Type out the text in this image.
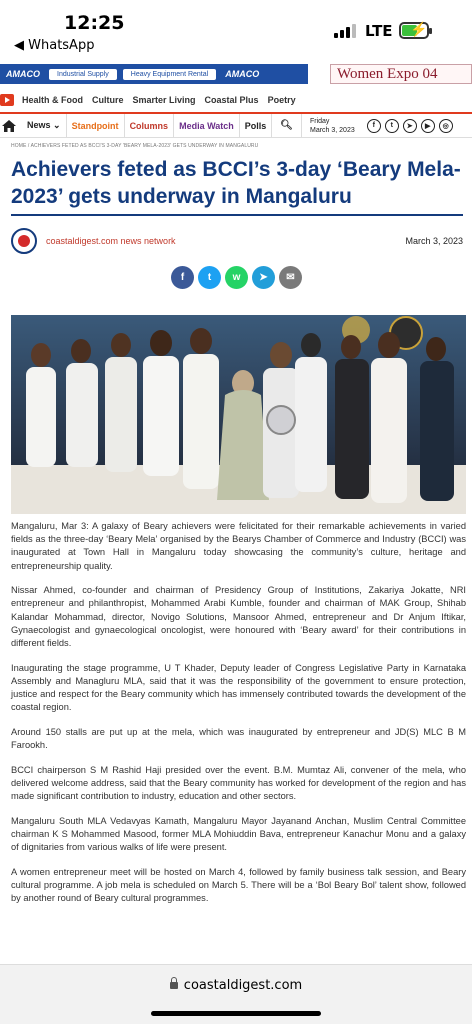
12:25
◀ WhatsApp
LTE ⚡
AMACO	Industrial Supply	Heavy Equipment Rental	AMACO	Women Expo 04
Health & Food Culture Smarter Living Coastal Plus Poetry
News ⌄	Standpoint	Columns	Media Watch	Polls	🔍︎	Friday
March 3, 2023
f	t	➤	▶	◎
HOME / ACHIEVERS FETED AS BCCI'S 3-DAY 'BEARY MELA-2023' GETS UNDERWAY IN MANGALURU
Achievers feted as BCCI’s 3-day ‘Beary Mela-2023’ gets underway in Mangaluru
coastaldigest.com news network	March 3, 2023
f	t	w	➤	✉

Mangaluru, Mar 3: A galaxy of Beary achievers were felicitated for their remarkable achievements in varied fields as the three-day ‘Beary Mela’ organised by the Bearys Chamber of Commerce and Industry (BCCI) was inaugurated at Town Hall in Mangaluru today showcasing the community’s culture, heritage and entrepreneurship quality.

Nissar Ahmed, co-founder and chairman of Presidency Group of Institutions, Zakariya Jokatte, NRI entrepreneur and philanthropist, Mohammed Arabi Kumble, founder and chairman of MAK Group, Shihab Kalandar Mohammad, director, Novigo Solutions, Mansoor Ahmed, entrepreneur and Dr Anjum Iftikar, Gynaecologist and gynaecological oncologist, were honoured with ‘Beary award’ for their contributions in different fields.

Inaugurating the stage programme, U T Khader, Deputy leader of Congress Legislative Party in Karnataka Assembly and Managluru MLA, said that it was the responsibility of the government to ensure protection, justice and respect for the Beary community which has immensely contributed towards the development of the coastal region.

Around 150 stalls are put up at the mela, which was inaugurated by entrepreneur and JD(S) MLC B M Farookh.

BCCI chairperson S M Rashid Haji presided over the event. B.M. Mumtaz Ali, convener of the mela, who delivered welcome address, said that the Beary community has worked for development of the region and has made significant contribution to industry, education and other sectors.

Mangaluru South MLA Vedavyas Kamath, Mangaluru Mayor Jayanand Anchan, Muslim Central Committee chairman K S Mohammed Masood, former MLA Mohiuddin Bava, entrepreneur Kanachur Monu and a galaxy of dignitaries from various walks of life were present.

A women entrepreneur meet will be hosted on March 4, followed by family business talk session, and Beary cultural programme. A job mela is scheduled on March 5. There will be a ‘Bol Beary Bol’ talent show, followed by another round of Beary cultural programmes.

coastaldigest.com
